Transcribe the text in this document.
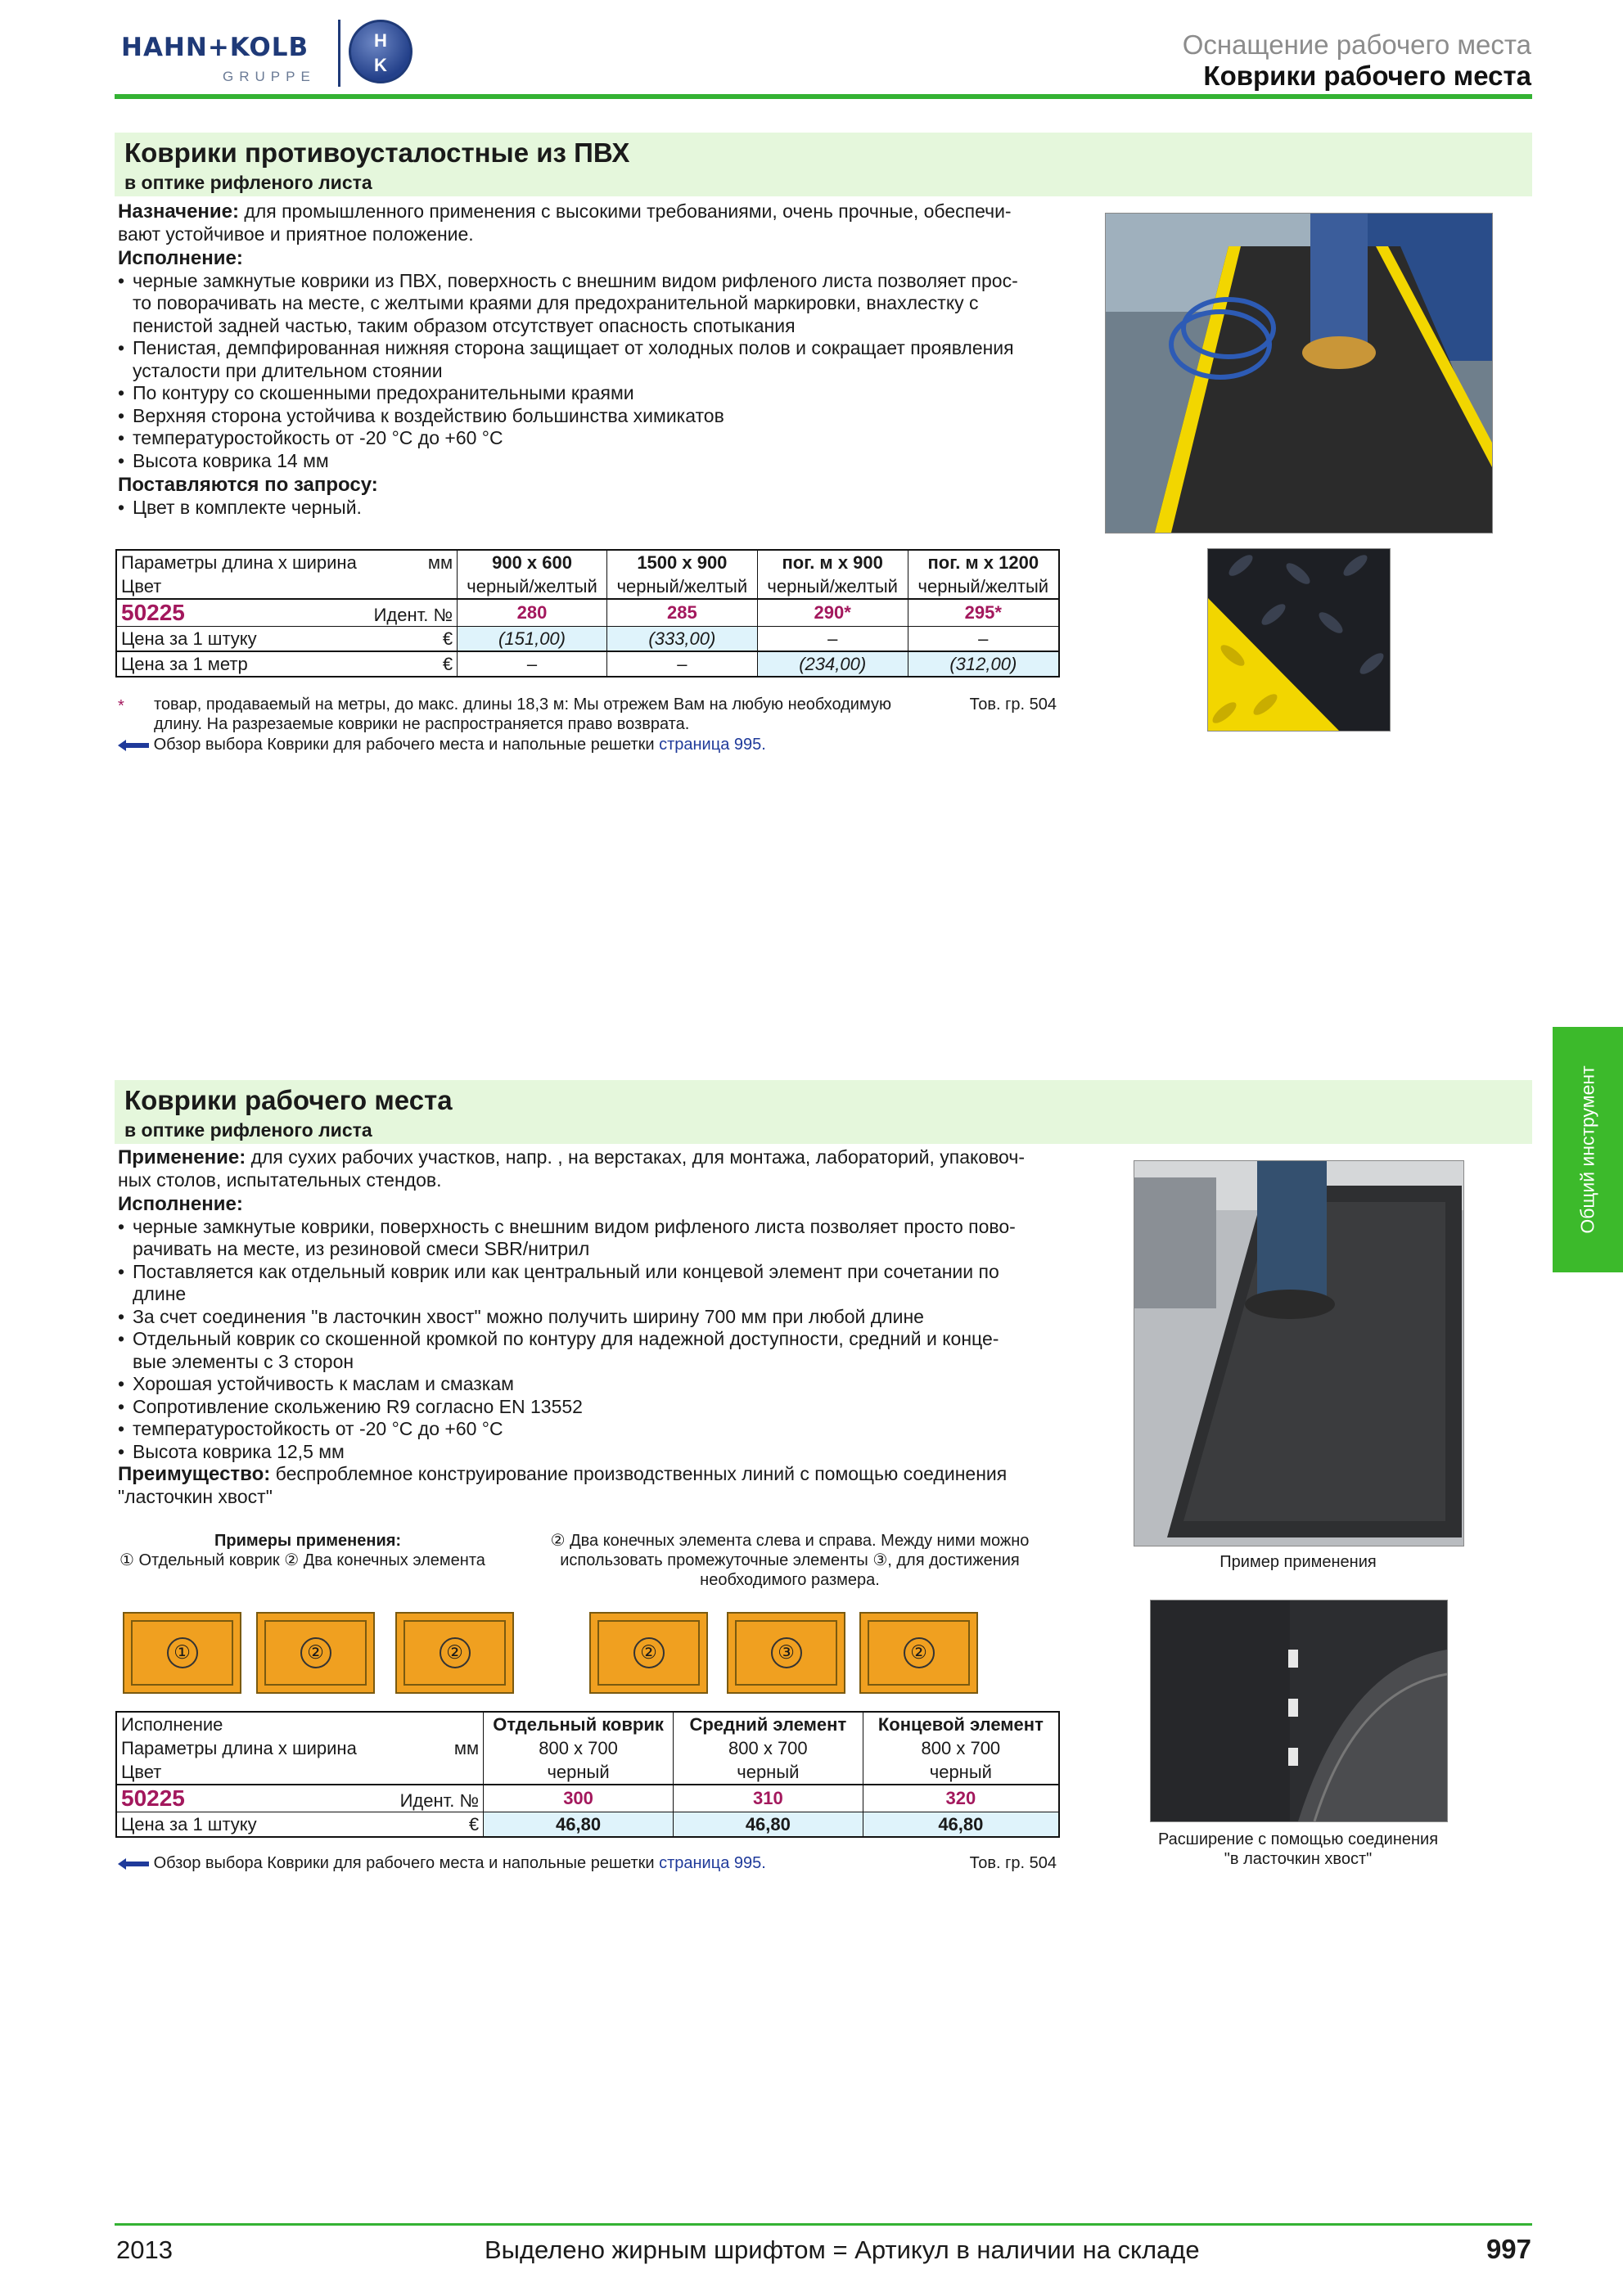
HAHN+KOLB
GRUPPE
H
K
Оснащение рабочего места
Коврики рабочего места
Общий инструмент
Коврики противоусталостные из ПВХ
в оптике рифленого листа
Назначение: для промышленного применения с высокими требованиями, очень прочные, обеспечи-
вают устойчивое и приятное положение.
Исполнение:
• черные замкнутые коврики из ПВХ, поверхность с внешним видом рифленого листа позволяет прос-
то поворачивать на месте, с желтыми краями для предохранительной маркировки, внахлестку с
пенистой задней частью, таким образом отсутствует опасность спотыкания
• Пенистая, демпфированная нижняя сторона защищает от холодных полов и сокращает проявления
усталости при длительном стоянии
• По контуру со скошенными предохранительными краями
• Верхняя сторона устойчива к воздействию большинства химикатов
• температуростойкость от -20 °C до +60 °C
• Высота коврика 14 мм
Поставляются по запросу:
• Цвет в комплекте черный.
Параметры длина x ширина мм	900 x 600	1500 x 900	пог. м x 900	пог. м x 1200
Цвет	черный/желтый	черный/желтый	черный/желтый	черный/желтый
50225 Идент. №	280	285	290*	295*
Цена за 1 штуку €	(151,00)	(333,00)	–	–
Цена за 1 метр €	–	–	(234,00)	(312,00)
* товар, продаваемый на метры, до макс. длины 18,3 м: Мы отрежем Вам на любую необходимую
длину. На разрезаемые коврики не распространяется право возврата.
Тов. гр. 504
Обзор выбора Коврики для рабочего места и напольные решетки страница 995.
Коврики рабочего места
в оптике рифленого листа
Применение: для сухих рабочих участков, напр. , на верстаках, для монтажа, лабораторий, упаковоч-
ных столов, испытательных стендов.
Исполнение:
• черные замкнутые коврики, поверхность с внешним видом рифленого листа позволяет просто пово-
рачивать на месте, из резиновой смеси SBR/нитрил
• Поставляется как отдельный коврик или как центральный или концевой элемент при сочетании по
длине
• За счет соединения "в ласточкин хвост" можно получить ширину 700 мм при любой длине
• Отдельный коврик со скошенной кромкой по контуру для надежной доступности, средний и конце-
вые элементы с 3 сторон
• Хорошая устойчивость к маслам и смазкам
• Сопротивление скольжению R9 согласно EN 13552
• температуростойкость от -20 °C до +60 °C
• Высота коврика 12,5 мм
Преимущество: беспроблемное конструирование производственных линий с помощью соединения
"ласточкин хвост"
Примеры применения:
① Отдельный коврик ② Два конечных элемента
② Два конечных элемента слева и справа. Между ними можно
использовать промежуточные элементы ③, для достижения
необходимого размера.
①	②	②	②	③	②
Пример применения
Расширение с помощью соединения
"в ласточкин хвост"
Исполнение	Отдельный коврик	Средний элемент	Концевой элемент
Параметры длина x ширина мм	800 x 700	800 x 700	800 x 700
Цвет	черный	черный	черный
50225 Идент. №	300	310	320
Цена за 1 штуку €	46,80	46,80	46,80
Обзор выбора Коврики для рабочего места и напольные решетки страница 995.	Тов. гр. 504
2013	Выделено жирным шрифтом = Артикул в наличии на складе	997
